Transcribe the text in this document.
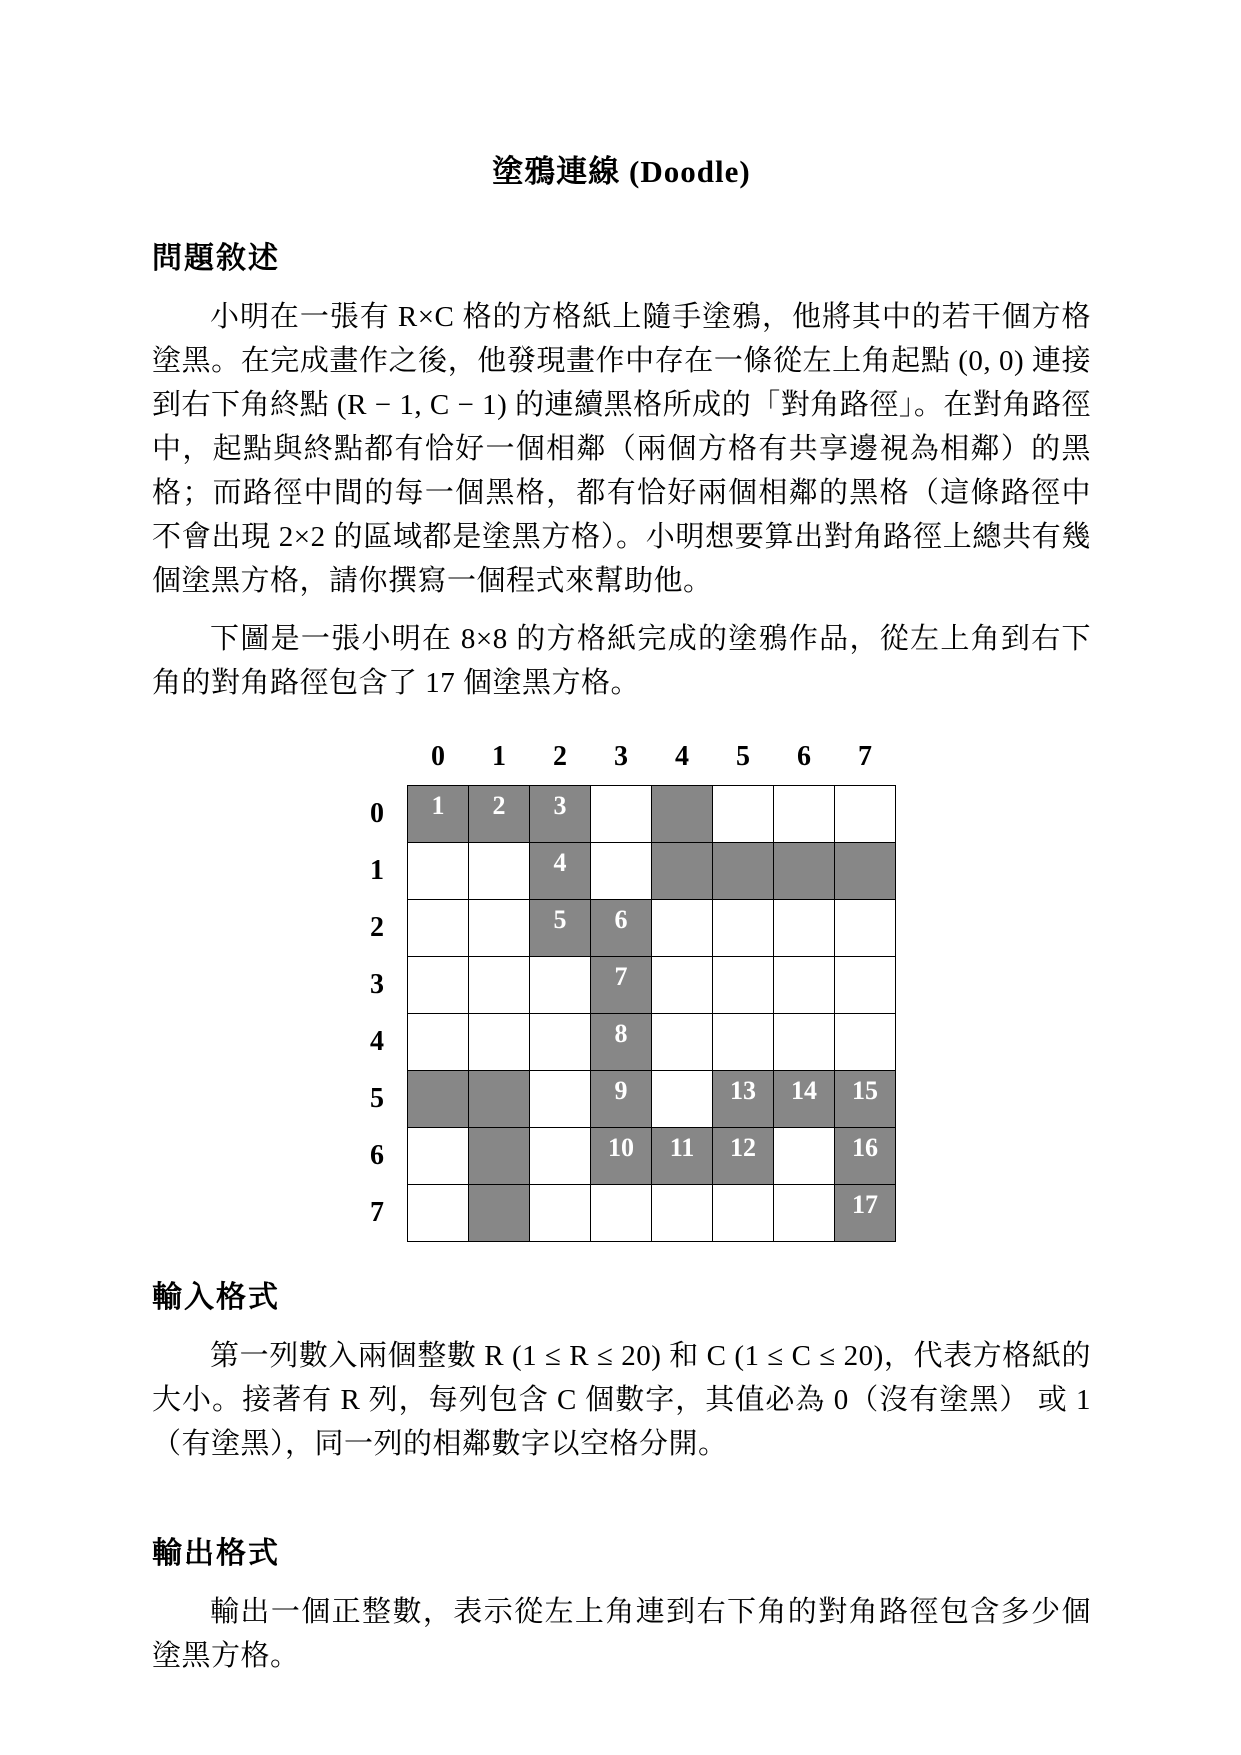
塗鴉連線 (Doodle)
問題敘述

小明在一張有 R×C 格的方格紙上隨手塗鴉，他將其中的若干個方格塗黑。在完成畫作之後，他發現畫作中存在一條從左上角起點 (0, 0) 連接到右下角終點 (R − 1, C − 1) 的連續黑格所成的「對角路徑」。在對角路徑中，起點與終點都有恰好一個相鄰（兩個方格有共享邊視為相鄰）的黑格；而路徑中間的每一個黑格，都有恰好兩個相鄰的黑格（這條路徑中不會出現 2×2 的區域都是塗黑方格）。小明想要算出對角路徑上總共有幾個塗黑方格，請你撰寫一個程式來幫助他。

下圖是一張小明在 8×8 的方格紙完成的塗鴉作品，從左上角到右下角的對角路徑包含了 17 個塗黑方格。

	0	1	2	3	4	5	6	7
0	1	2	3					
1			4					
2			5	6				
3				7				
4				8				
5				9		13	14	15
6				10	11	12		16
7								17
輸入格式

第一列數入兩個整數 R (1 ≤ R ≤ 20) 和 C (1 ≤ C ≤ 20)，代表方格紙的大小。接著有 R 列，每列包含 C 個數字，其值必為 0（沒有塗黑） 或 1（有塗黑），同一列的相鄰數字以空格分開。

輸出格式

輸出一個正整數，表示從左上角連到右下角的對角路徑包含多少個塗黑方格。
